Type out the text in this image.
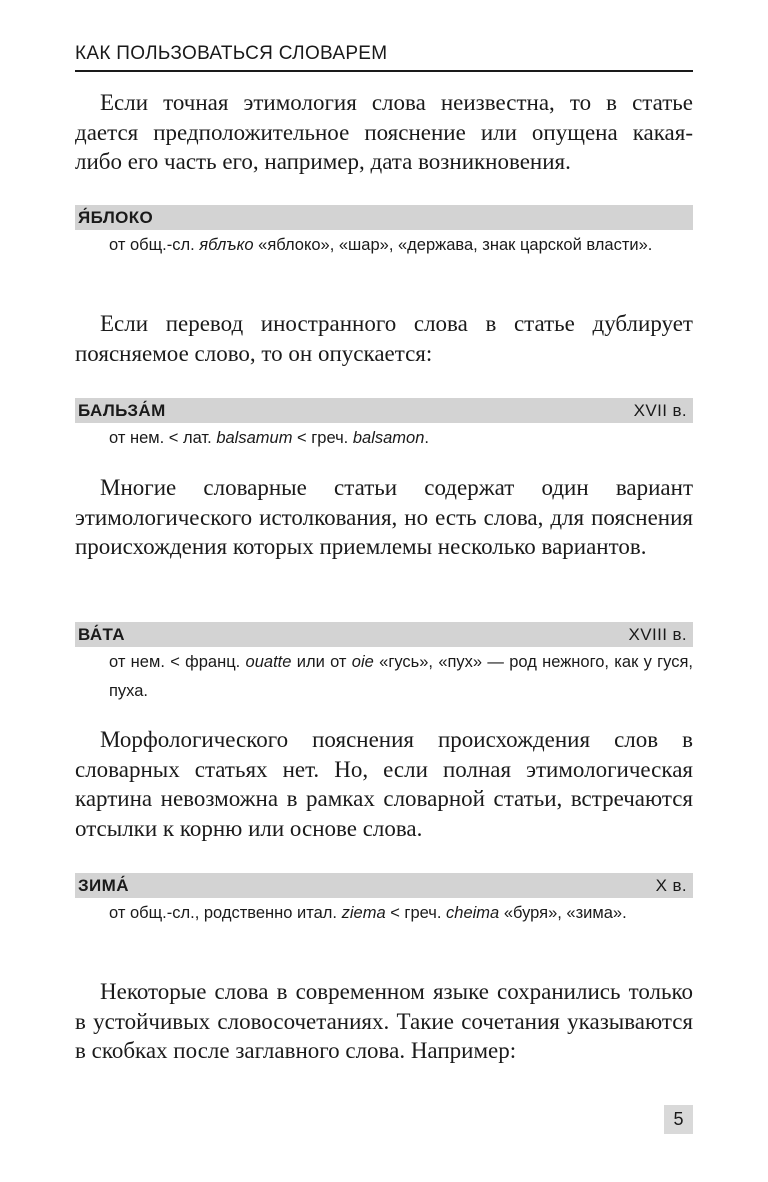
КАК ПОЛЬЗОВАТЬСЯ СЛОВАРЕМ

Если точная этимология слова неизвестна, то в статье дается предположительное пояснение или опущена какая-либо его часть его, например, дата возникновения.

Я́БЛОКО

от общ.-сл. яблъко «яблоко», «шар», «держава, знак царской власти».

Если перевод иностранного слова в статье дублирует поясняемое слово, то он опускается:

БАЛЬЗА́М	XVII в.

от нем. < лат. balsamum < греч. balsamon.

Многие словарные статьи содержат один вариант этимологического истолкования, но есть слова, для пояснения происхождения которых приемлемы несколько вариантов.

ВА́ТА	XVIII в.

от нем. < франц. ouatte или от oie «гусь», «пух» — род нежного, как у гуся, пуха.

Морфологического пояснения происхождения слов в словарных статьях нет. Но, если полная этимологическая картина невозможна в рамках словарной статьи, встречаются отсылки к корню или основе слова.

ЗИМА́	X в.

от общ.-сл., родственно итал. ziema < греч. cheima «буря», «зима».

Некоторые слова в современном языке сохранились только в устойчивых словосочетаниях. Такие сочетания указываются в скобках после заглавного слова. Например:

5
